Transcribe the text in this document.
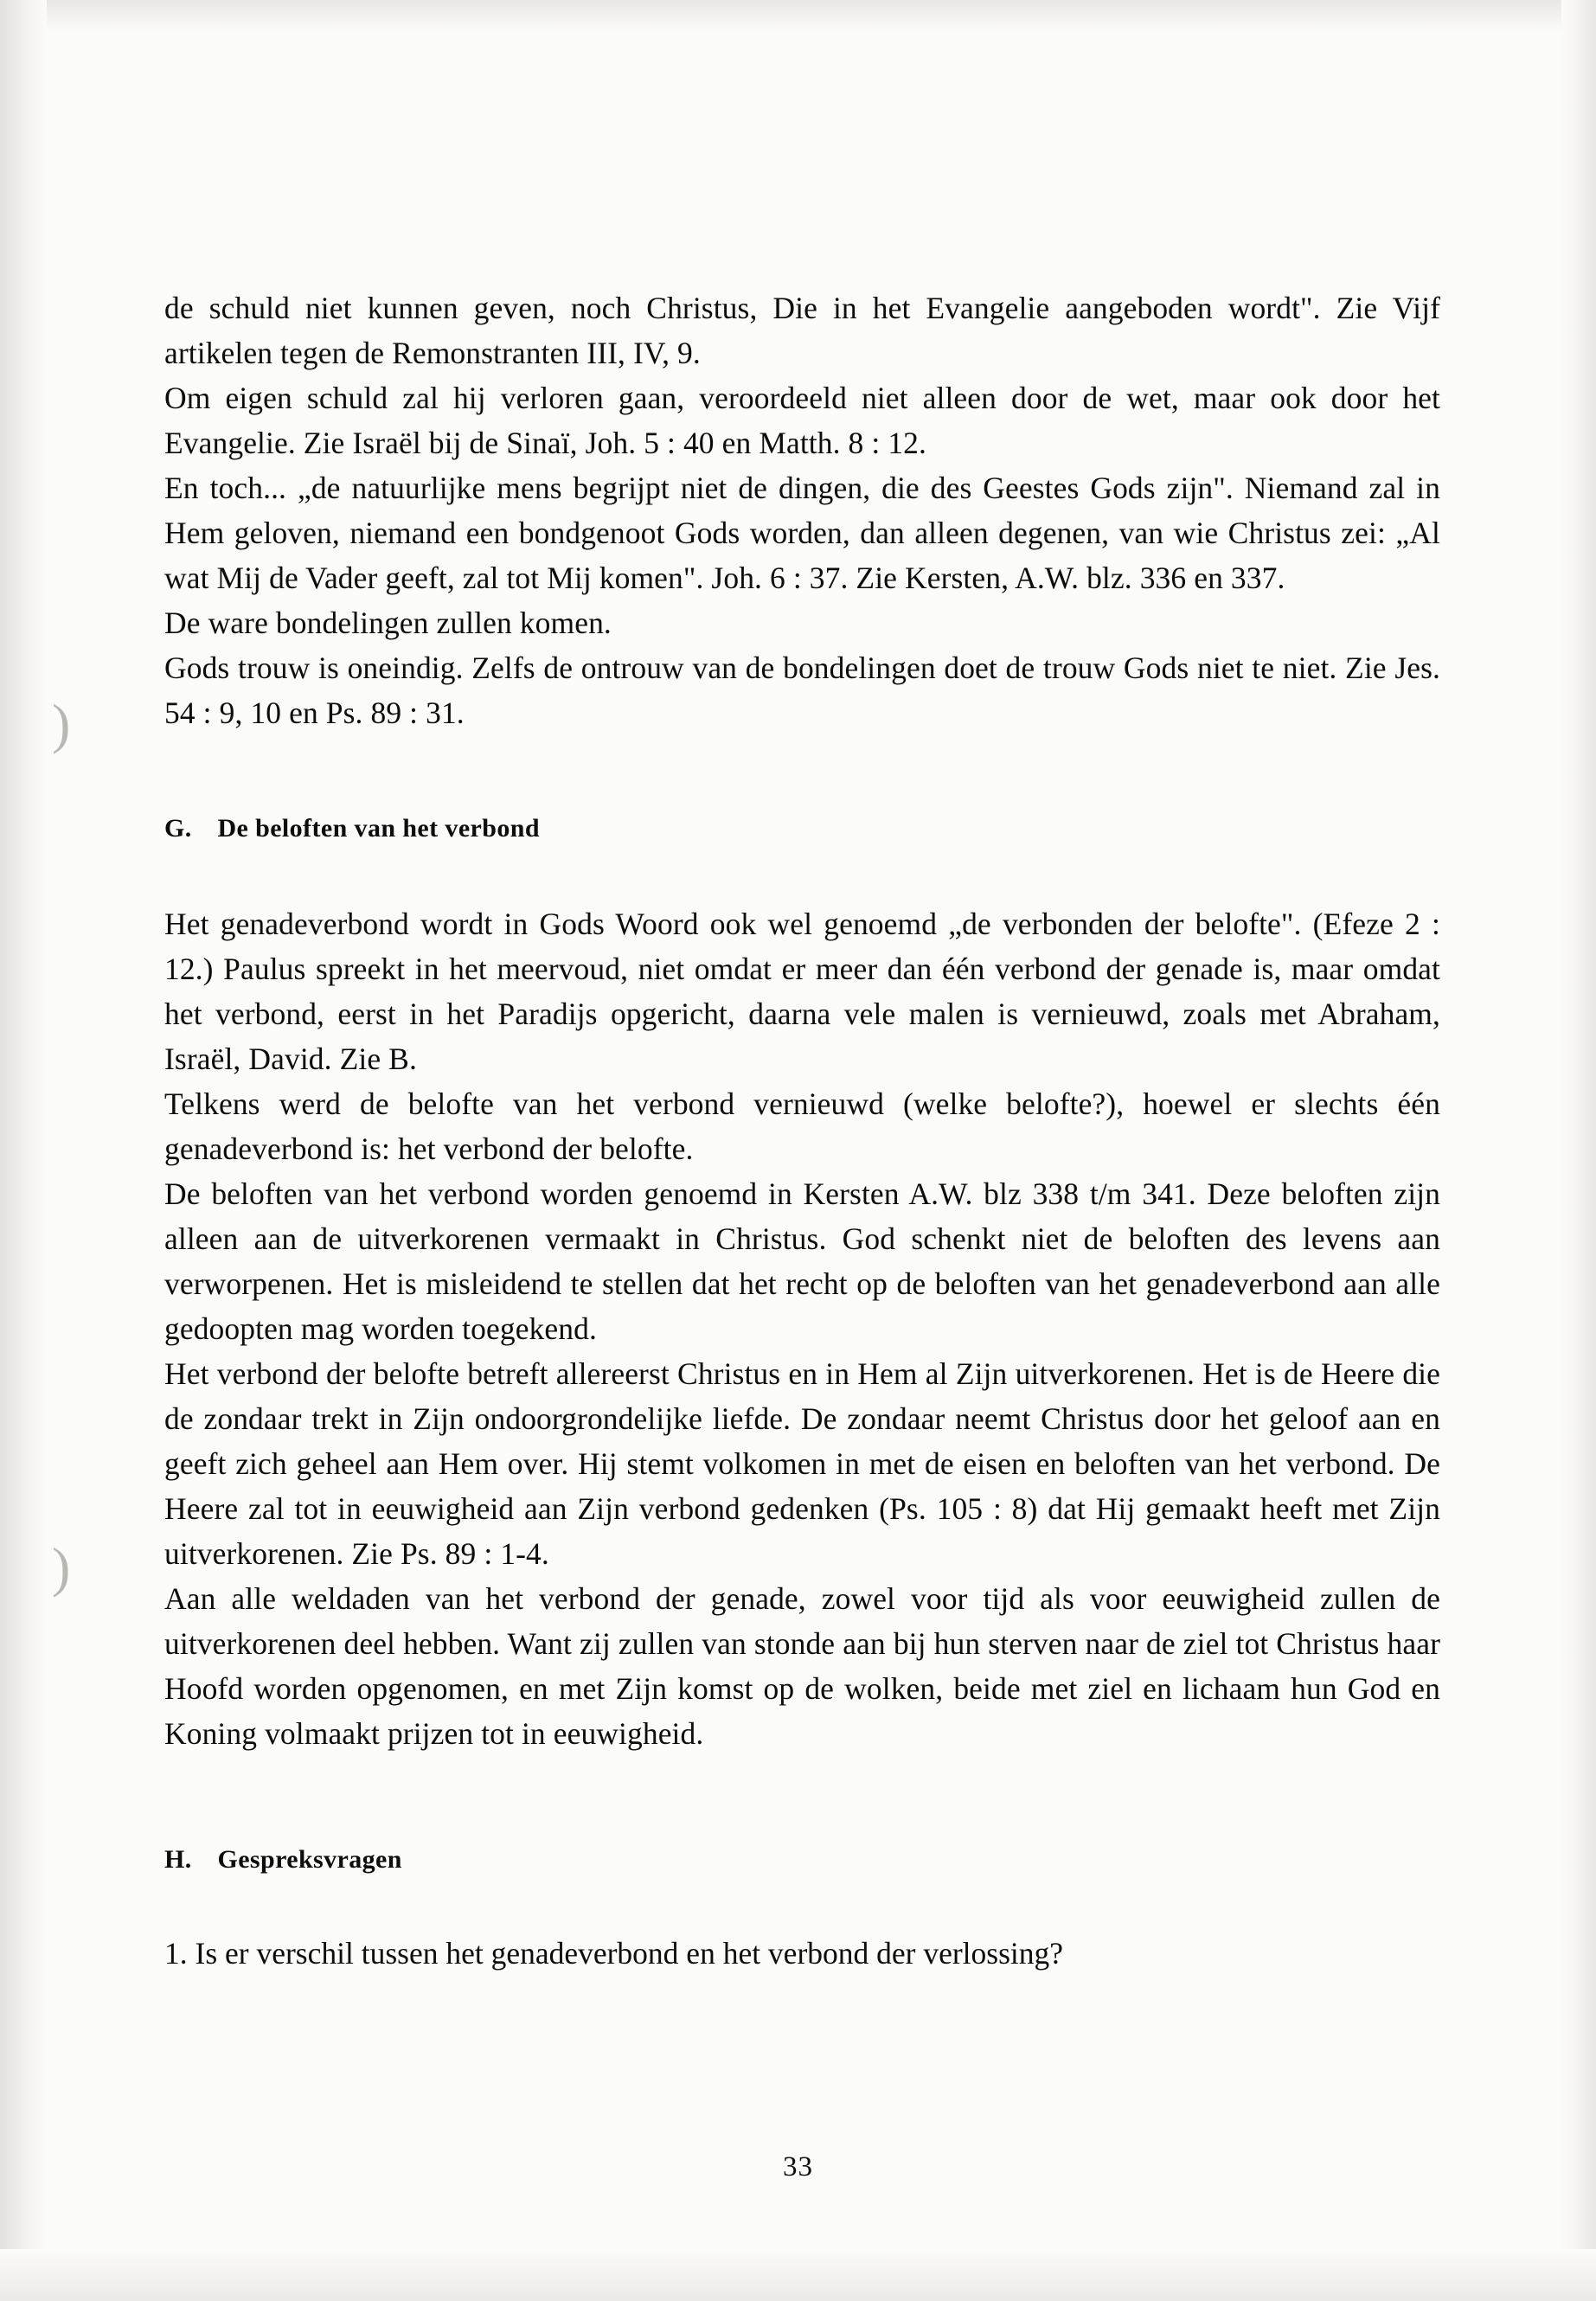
)
)

de schuld niet kunnen geven, noch Christus, Die in het Evangelie aangeboden wordt". Zie Vijf artikelen tegen de Remonstranten III, IV, 9.

Om eigen schuld zal hij verloren gaan, veroordeeld niet alleen door de wet, maar ook door het Evangelie. Zie Israël bij de Sinaï, Joh. 5 : 40 en Matth. 8 : 12.

En toch... „de natuurlijke mens begrijpt niet de dingen, die des Geestes Gods zijn". Niemand zal in Hem geloven, niemand een bondgenoot Gods worden, dan alleen degenen, van wie Christus zei: „Al wat Mij de Vader geeft, zal tot Mij komen". Joh. 6 : 37. Zie Kersten, A.W. blz. 336 en 337.

De ware bondelingen zullen komen.

Gods trouw is oneindig. Zelfs de ontrouw van de bondelingen doet de trouw Gods niet te niet. Zie Jes. 54 : 9, 10 en Ps. 89 : 31.

G. De beloften van het verbond

Het genadeverbond wordt in Gods Woord ook wel genoemd „de verbonden der belofte". (Efeze 2 : 12.) Paulus spreekt in het meervoud, niet omdat er meer dan één verbond der genade is, maar omdat het verbond, eerst in het Paradijs opgericht, daarna vele malen is vernieuwd, zoals met Abraham, Israël, David. Zie B.

Telkens werd de belofte van het verbond vernieuwd (welke belofte?), hoewel er slechts één genadeverbond is: het verbond der belofte.

De beloften van het verbond worden genoemd in Kersten A.W. blz 338 t/m 341. Deze beloften zijn alleen aan de uitverkorenen vermaakt in Christus. God schenkt niet de beloften des levens aan verworpenen. Het is misleidend te stellen dat het recht op de beloften van het genadeverbond aan alle gedoopten mag worden toegekend.

Het verbond der belofte betreft allereerst Christus en in Hem al Zijn uitverkorenen. Het is de Heere die de zondaar trekt in Zijn ondoorgrondelijke liefde. De zondaar neemt Christus door het geloof aan en geeft zich geheel aan Hem over. Hij stemt volkomen in met de eisen en beloften van het verbond. De Heere zal tot in eeuwigheid aan Zijn verbond gedenken (Ps. 105 : 8) dat Hij gemaakt heeft met Zijn uitverkorenen. Zie Ps. 89 : 1-4.

Aan alle weldaden van het verbond der genade, zowel voor tijd als voor eeuwigheid zullen de uitverkorenen deel hebben. Want zij zullen van stonde aan bij hun sterven naar de ziel tot Christus haar Hoofd worden opgenomen, en met Zijn komst op de wolken, beide met ziel en lichaam hun God en Koning volmaakt prijzen tot in eeuwigheid.

H. Gespreksvragen

1. Is er verschil tussen het genadeverbond en het verbond der verlossing?

33
